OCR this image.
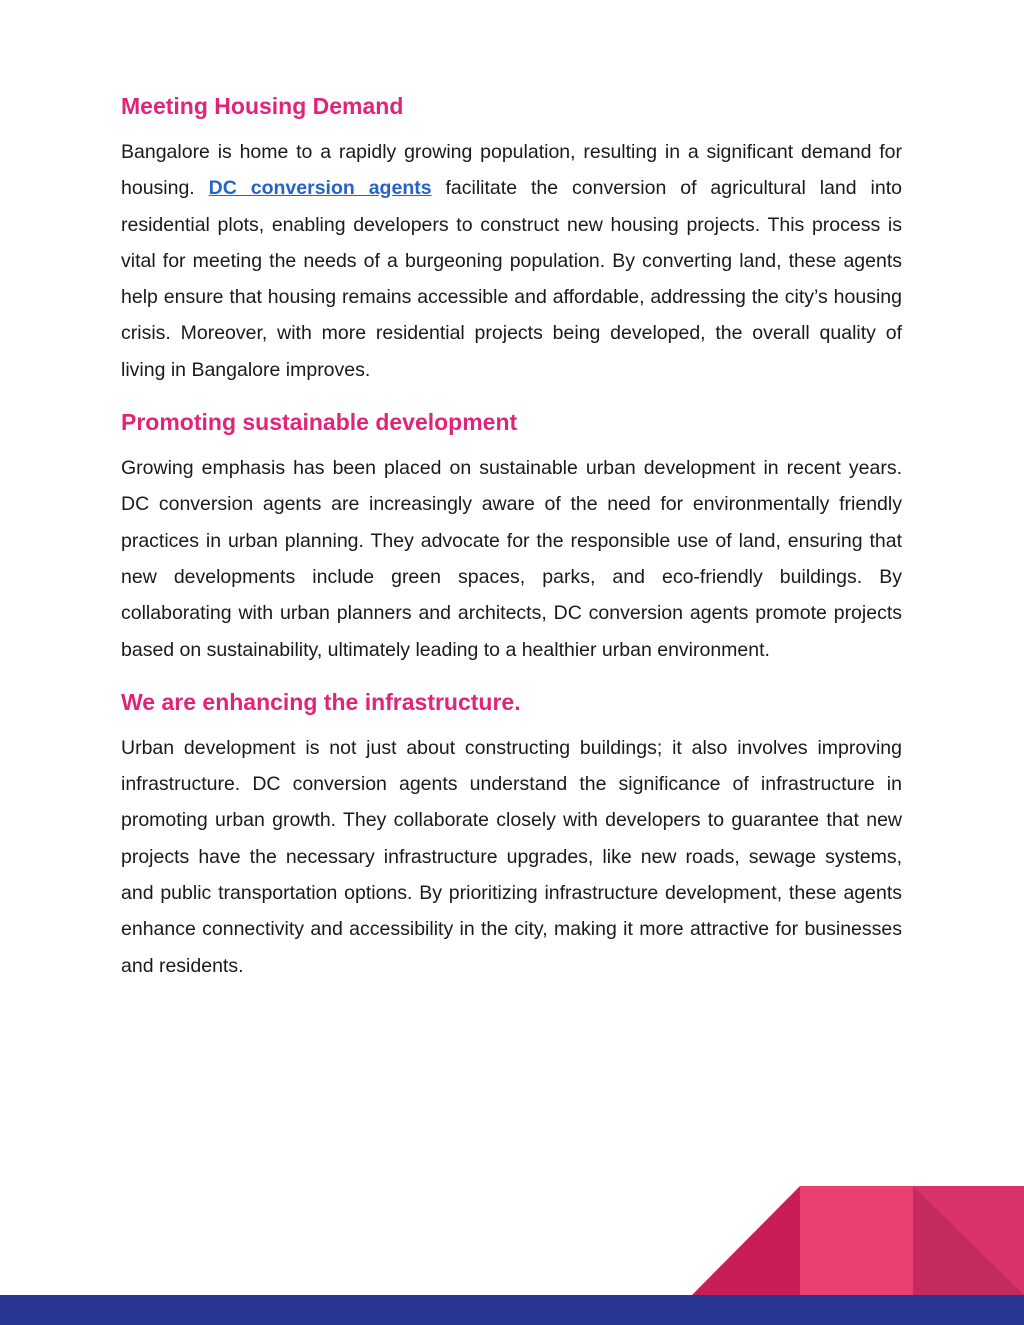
Meeting Housing Demand

Bangalore is home to a rapidly growing population, resulting in a significant demand for housing. DC conversion agents facilitate the conversion of agricultural land into residential plots, enabling developers to construct new housing projects. This process is vital for meeting the needs of a burgeoning population. By converting land, these agents help ensure that housing remains accessible and affordable, addressing the city’s housing crisis. Moreover, with more residential projects being developed, the overall quality of living in Bangalore improves.

Promoting sustainable development

Growing emphasis has been placed on sustainable urban development in recent years. DC conversion agents are increasingly aware of the need for environmentally friendly practices in urban planning. They advocate for the responsible use of land, ensuring that new developments include green spaces, parks, and eco-friendly buildings. By collaborating with urban planners and architects, DC conversion agents promote projects based on sustainability, ultimately leading to a healthier urban environment.

We are enhancing the infrastructure.

Urban development is not just about constructing buildings; it also involves improving infrastructure. DC conversion agents understand the significance of infrastructure in promoting urban growth. They collaborate closely with developers to guarantee that new projects have the necessary infrastructure upgrades, like new roads, sewage systems, and public transportation options. By prioritizing infrastructure development, these agents enhance connectivity and accessibility in the city, making it more attractive for businesses and residents.
